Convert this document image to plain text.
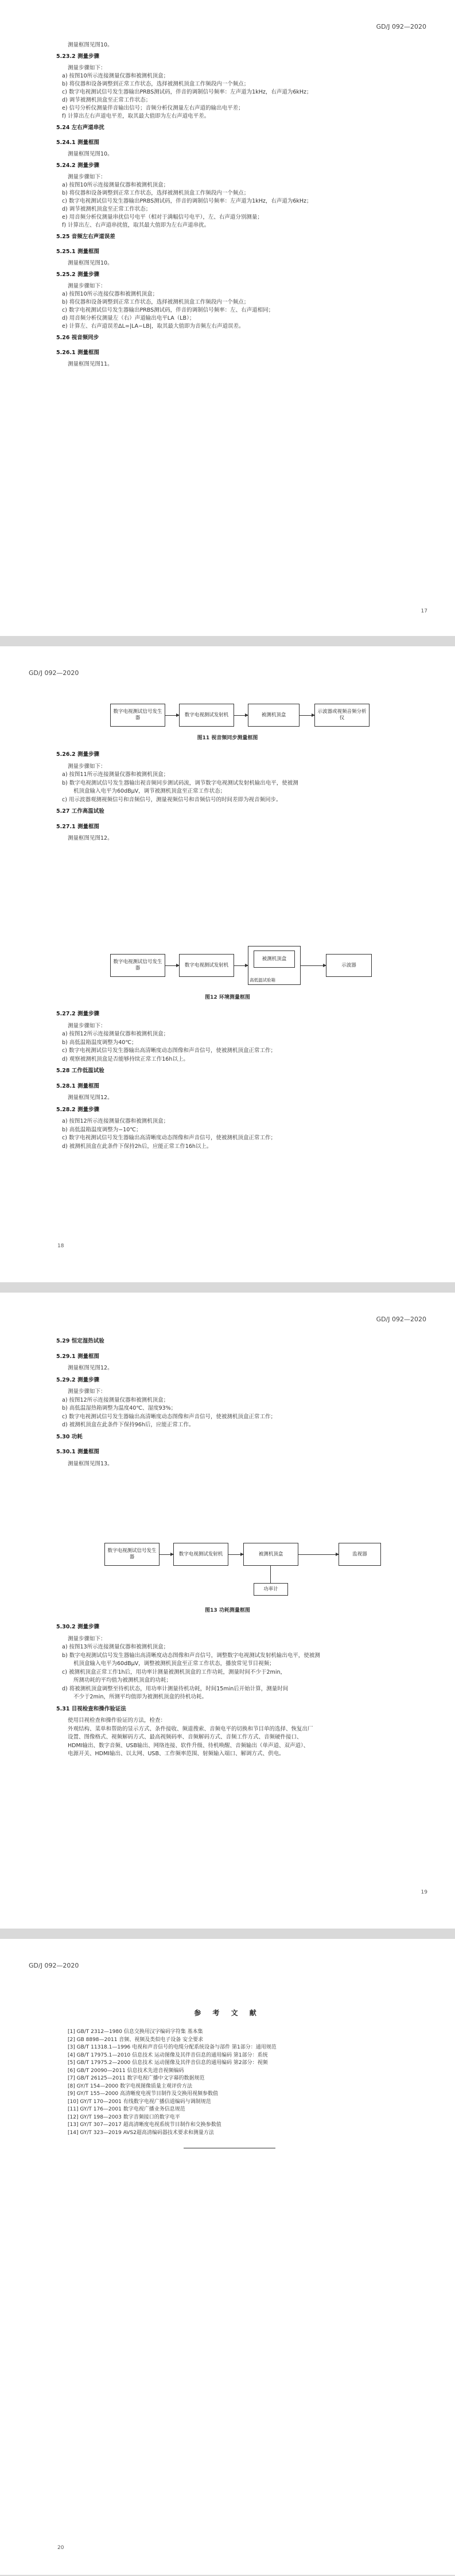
GD/J 092—2020
测量框图见图10。
5.23.2 测量步骤
测量步骤如下：
a) 按图10所示连接测量仪器和被测机顶盒；
b) 将仪器和设备调整到正常工作状态，选择被测机顶盒工作频段内一个频点；
c) 数字电视测试信号发生器输出PRBS测试码，伴音的调制信号频率：左声道为1kHz，右声道为6kHz；
d) 调节被测机顶盒至正常工作状态；
e) 信号分析仪测量伴音输出信号；音频分析仪测量左右声道的输出电平差；
f) 计算出左右声道电平差，取其最大值即为左右声道电平差。
5.24 左右声道串扰
5.24.1 测量框图
测量框图见图10。
5.24.2 测量步骤
测量步骤如下：
a) 按图10所示连接测量仪器和被测机顶盒；
b) 将仪器和设备调整到正常工作状态，选择被测机顶盒工作频段内一个频点；
c) 数字电视测试信号发生器输出PRBS测试码，伴音的调制信号频率：左声道为1kHz，右声道为6kHz；
d) 调节被测机顶盒至正常工作状态；
e) 用音频分析仪测量串扰信号电平（相对于满幅信号电平），左、右声道分别测量；
f) 计算出左、右声道串扰值，取其最大值即为左右声道串扰。
5.25 音频左右声道误差
5.25.1 测量框图
测量框图见图10。
5.25.2 测量步骤
测量步骤如下：
a) 按图10所示连接仪器和被测机顶盒；
b) 将仪器和设备调整到正常工作状态，选择被测机顶盒工作频段内一个频点；
c) 数字电视测试信号发生器输出PRBS测试码，伴音的调制信号频率：左、右声道相同；
d) 用音频分析仪测量左（右）声道输出电平LA（LB）；
e) 计算左、右声道误差ΔL=|LA−LB|，取其最大值即为音频左右声道误差。
5.26 视音频同步
5.26.1 测量框图
测量框图见图11。
17
GD/J 092—2020
数字电视测试信号发生器
数字电视测试发射机	被测机顶盒
示波器或视频音频分析仪
图11 视音频同步测量框图
5.26.2 测量步骤
测量步骤如下：
a) 按图11所示连接测量仪器和被测机顶盒；
b) 数字电视测试信号发生器输出视音频同步测试码流，调节数字电视测试发射机输出电平，使被测
机顶盒输入电平为60dBμV，调节被测机顶盒至正常工作状态；
c) 用示波器观测视频信号和音频信号，测量视频信号和音频信号的时间差即为视音频同步。
5.27 工作高温试验
5.27.1 测量框图
测量框图见图12。
数字电视测试信号发生器
数字电视测试发射机
高低温试验箱
被测机顶盒
示波器
图12 环境测量框图
5.27.2 测量步骤
测量步骤如下：
a) 按图12所示连接测量仪器和被测机顶盒；
b) 高低温箱温度调整为40℃；
c) 数字电视测试信号发生器输出高清晰度动态图像和声音信号，使被测机顶盒正常工作；
d) 观察被测机顶盒是否能够持续正常工作16h以上。
5.28 工作低温试验
5.28.1 测量框图
测量框图见图12。
5.28.2 测量步骤
a) 按图12所示连接测量仪器和被测机顶盒；
b) 高低温箱温度调整为−10℃；
c) 数字电视测试信号发生器输出高清晰度动态图像和声音信号，使被测机顶盒正常工作；
d) 被测机顶盒在此条件下保持2h后，应能正常工作16h以上。
18
GD/J 092—2020
5.29 恒定湿热试验
5.29.1 测量框图
测量框图见图12。
5.29.2 测量步骤
测量步骤如下：
a) 按图12所示连接测量仪器和被测机顶盒；
b) 高低温湿热箱调整为温度40℃、湿度93%；
c) 数字电视测试信号发生器输出高清晰度动态图像和声音信号，使被测机顶盒正常工作；
d) 被测机顶盒在此条件下保持96h后，应能正常工作。
5.30 功耗
5.30.1 测量框图
测量框图见图13。
数字电视测试信号发生器
数字电视测试发射机	被测机顶盒	监视器
功率计
图13 功耗测量框图
5.30.2 测量步骤
测量步骤如下：
a) 按图13所示连接测量仪器和被测机顶盒；
b) 数字电视测试信号发生器输出高清晰度动态图像和声音信号，调整数字电视测试发射机输出电平，使被测
机顶盒输入电平为60dBμV，调整被测机顶盒至正常工作状态，播放常见节目视频；
c) 被测机顶盒正常工作1h后，用功率计测量被测机顶盒的工作功耗，测量时间不少于2min，
所测功耗的平均值为被测机顶盒的功耗；
d) 将被测机顶盒调整至待机状态，用功率计测量待机功耗，时间15min后开始计算，测量时间
不少于2min，所测平均值即为被测机顶盒的待机功耗。
5.31 目视检查和操作验证法
使用目视检查和操作验证的方法，检查：
外观结构、菜单和帮助的显示方式、条件接收、频道搜索、音频电平的切换和节目单的选择、恢复出厂
设置、图像格式、视频解码方式、最高视频码率、音频解码方式、音频工作方式、音频硬件接口、
HDMI输出、数字音频、USB输出、网络连接、软件升级、待机唤醒、音频输出（单声道、双声道）、
电源开关、HDMI输出、以太网、USB、工作频率范围、射频输入端口、解调方式、供电。
19
GD/J 092—2020
参 考 文 献
[1] GB/T 2312—1980 信息交换用汉字编码字符集 基本集
[2] GB 8898—2011 音频、视频及类似电子设备 安全要求
[3] GB/T 11318.1—1996 电视和声音信号的电缆分配系统设备与部件 第1部分：通用规范
[4] GB/T 17975.1—2010 信息技术 运动图像及其伴音信息的通用编码 第1部分：系统
[5] GB/T 17975.2—2000 信息技术 运动图像及其伴音信息的通用编码 第2部分：视频
[6] GB/T 20090—2011 信息技术先进音视频编码
[7] GB/T 26125—2011 数字电视广播中文字幕的数据规范
[8] GY/T 154—2000 数字电视图像质量主观评价方法
[9] GY/T 155—2000 高清晰度电视节目制作及交换用视频参数值
[10] GY/T 170—2001 有线数字电视广播信道编码与调制规范
[11] GY/T 176—2001 数字电视广播业务信息规范
[12] GY/T 198—2003 数字音频接口的数字电平
[13] GY/T 307—2017 超高清晰度电视系统节目制作和交换参数值
[14] GY/T 323—2019 AVS2超高清编码器技术要求和测量方法
20
